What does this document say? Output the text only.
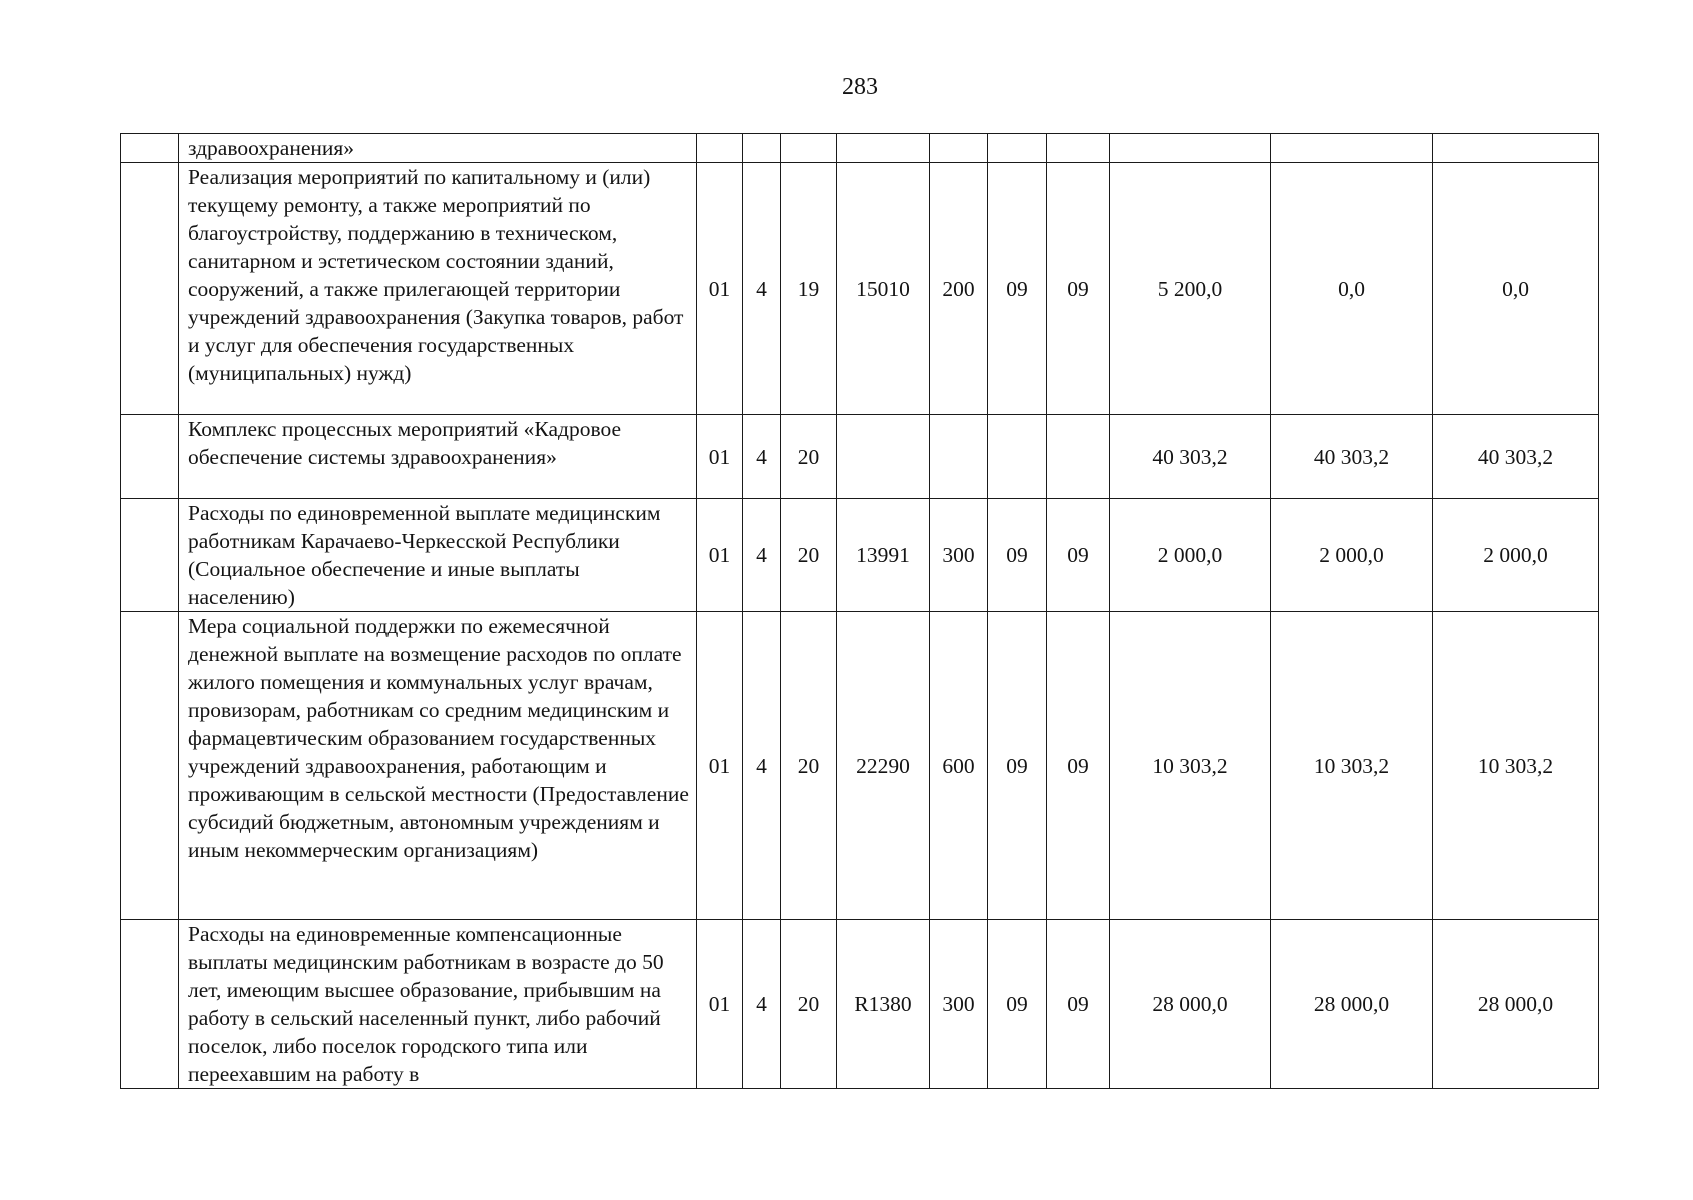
283
	здравоохранения»										
	Реализация мероприятий по капитальному и (или) текущему ремонту, а также мероприятий по благоустройству, поддержанию в техническом, санитарном и эстетическом состоянии зданий, сооружений, а также прилегающей территории учреждений здравоохранения (Закупка товаров, работ и услуг для обеспечения государственных (муниципальных) нужд)	01	4	19	15010	200	09	09	5 200,0	0,0	0,0
	Комплекс процессных мероприятий «Кадровое обеспечение системы здравоохранения»	01	4	20					40 303,2	40 303,2	40 303,2
	Расходы по единовременной выплате медицинским работникам Карачаево-Черкесской Республики (Социальное обеспечение и иные выплаты населению)	01	4	20	13991	300	09	09	2 000,0	2 000,0	2 000,0
	Мера социальной поддержки по ежемесячной денежной выплате на возмещение расходов по оплате жилого помещения и коммунальных услуг врачам, провизорам, работникам со средним медицинским и фармацевтическим образованием государственных учреждений здравоохранения, работающим и проживающим в сельской местности (Предоставление субсидий бюджетным, автономным учреждениям и иным некоммерческим организациям)	01	4	20	22290	600	09	09	10 303,2	10 303,2	10 303,2
	Расходы на единовременные компенсационные выплаты медицинским работникам в возрасте до 50 лет, имеющим высшее образование, прибывшим на работу в сельский населенный пункт, либо рабочий поселок, либо поселок городского типа или переехавшим на работу в	01	4	20	R1380	300	09	09	28 000,0	28 000,0	28 000,0
